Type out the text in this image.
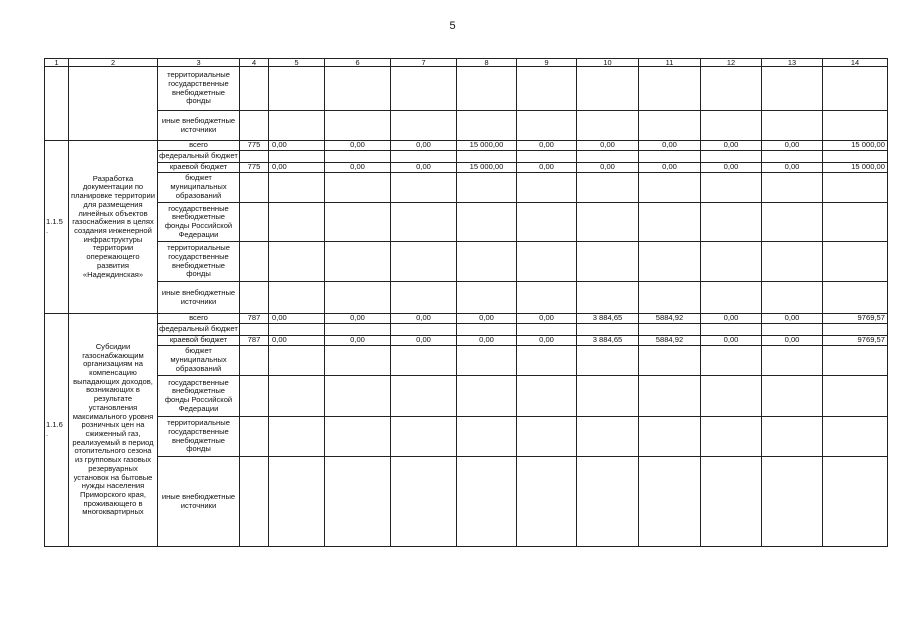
5
1	2	3	4	5	6	7	8	9	10	11	12	13	14
		территориальные государственные внебюджетные фонды											
		иные внебюджетные источники											
1.1.5 .	Разработка документации по планировке территории для размещения линейных объектов газоснабжения в целях создания инженерной инфраструктуры территории опережающего развития «Надеждинская»	всего	775	0,00	0,00	0,00	15 000,00	0,00	0,00	0,00	0,00	0,00	15 000,00
		федеральный бюджет											
		краевой бюджет	775	0,00	0,00	0,00	15 000,00	0,00	0,00	0,00	0,00	0,00	15 000,00
		бюджет муниципальных образований											
		государственные внебюджетные фонды Российской Федерации											
		территориальные государственные внебюджетные фонды											
		иные внебюджетные источники											
1.1.6 .	Субсидии газоснабжающим организациям на компенсацию выпадающих доходов, возникающих в результате установления максимального уровня розничных цен на сжиженный газ, реализуемый в период отопительного сезона из групповых газовых резервуарных установок на бытовые нужды населения Приморского края, проживающего в многоквартирных	всего	787	0,00	0,00	0,00	0,00	0,00	3 884,65	5884,92	0,00	0,00	9769,57
		федеральный бюджет											
		краевой бюджет	787	0,00	0,00	0,00	0,00	0,00	3 884,65	5884,92	0,00	0,00	9769,57
		бюджет муниципальных образований											
		государственные внебюджетные фонды Российской Федерации											
		территориальные государственные внебюджетные фонды											
		иные внебюджетные источники											
